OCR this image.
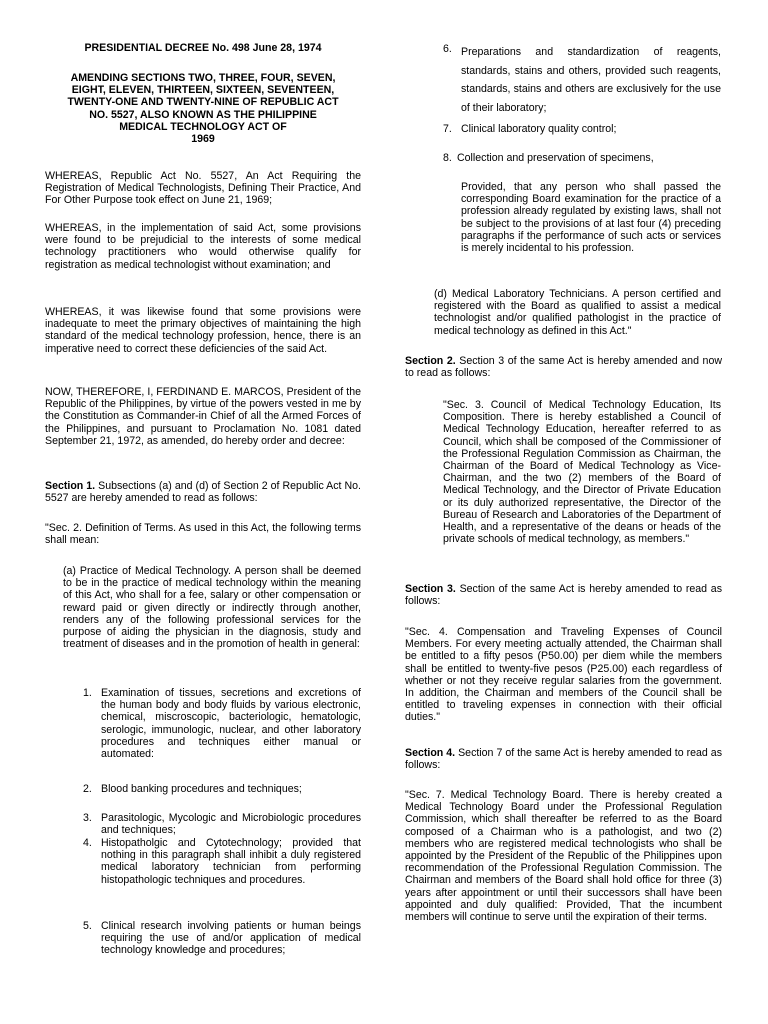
PRESIDENTIAL DECREE No. 498 June 28, 1974
AMENDING SECTIONS TWO, THREE, FOUR, SEVEN,
EIGHT, ELEVEN, THIRTEEN, SIXTEEN, SEVENTEEN,
TWENTY-ONE AND TWENTY-NINE OF REPUBLIC ACT
NO. 5527, ALSO KNOWN AS THE PHILIPPINE
MEDICAL TECHNOLOGY ACT OF
1969

WHEREAS, Republic Act No. 5527, An Act Requiring the Registration of Medical Technologists, Defining Their Practice, And For Other Purpose took effect on June 21, 1969;

WHEREAS, in the implementation of said Act, some provisions were found to be prejudicial to the interests of some medical technology practitioners who would otherwise qualify for registration as medical technologist without examination; and

WHEREAS, it was likewise found that some provisions were inadequate to meet the primary objectives of maintaining the high standard of the medical technology profession, hence, there is an imperative need to correct these deficiencies of the said Act.

NOW, THEREFORE, I, FERDINAND E. MARCOS, President of the Republic of the Philippines, by virtue of the powers vested in me by the Constitution as Commander-in Chief of all the Armed Forces of the Philippines, and pursuant to Proclamation No. 1081 dated September 21, 1972, as amended, do hereby order and decree:

Section 1. Subsections (a) and (d) of Section 2 of Republic Act No. 5527 are hereby amended to read as follows:

"Sec. 2. Definition of Terms. As used in this Act, the following terms shall mean:

(a) Practice of Medical Technology. A person shall be deemed to be in the practice of medical technology within the meaning of this Act, who shall for a fee, salary or other compensation or reward paid or given directly or indirectly through another, renders any of the following professional services for the purpose of aiding the physician in the diagnosis, study and treatment of diseases and in the promotion of health in general:

1. Examination of tissues, secretions and excretions of the human body and body fluids by various electronic, chemical, miscroscopic, bacteriologic, hematologic, serologic, immunologic, nuclear, and other laboratory procedures and techniques either manual or automated:
2. Blood banking procedures and techniques;
3. Parasitologic, Mycologic and Microbiologic procedures and techniques;
4. Histopatholgic and Cytotechnology; provided that nothing in this paragraph shall inhibit a duly registered medical laboratory technician from performing histopathologic techniques and procedures.
5. Clinical research involving patients or human beings requiring the use of and/or application of medical technology knowledge and procedures;
6. Preparations and standardization of reagents, standards, stains and others, provided such reagents, standards, stains and others are exclusively for the use of their laboratory;
7. Clinical laboratory quality control;
8. Collection and preservation of specimens,

Provided, that any person who shall passed the corresponding Board examination for the practice of a profession already regulated by existing laws, shall not be subject to the provisions of at last four (4) preceding paragraphs if the performance of such acts or services is merely incidental to his profession.

(d) Medical Laboratory Technicians. A person certified and registered with the Board as qualified to assist a medical technologist and/or qualified pathologist in the practice of medical technology as defined in this Act."

Section 2. Section 3 of the same Act is hereby amended and now to read as follows:

"Sec. 3. Council of Medical Technology Education, Its Composition. There is hereby established a Council of Medical Technology Education, hereafter referred to as Council, which shall be composed of the Commissioner of the Professional Regulation Commission as Chairman, the Chairman of the Board of Medical Technology as Vice-Chairman, and the two (2) members of the Board of Medical Technology, and the Director of Private Education or its duly authorized representative, the Director of the Bureau of Research and Laboratories of the Department of Health, and a representative of the deans or heads of the private schools of medical technology, as members."

Section 3. Section of the same Act is hereby amended to read as follows:

"Sec. 4. Compensation and Traveling Expenses of Council Members. For every meeting actually attended, the Chairman shall be entitled to a fifty pesos (P50.00) per diem while the members shall be entitled to twenty-five pesos (P25.00) each regardless of whether or not they receive regular salaries from the government. In addition, the Chairman and members of the Council shall be entitled to traveling expenses in connection with their official duties."

Section 4. Section 7 of the same Act is hereby amended to read as follows:

"Sec. 7. Medical Technology Board. There is hereby created a Medical Technology Board under the Professional Regulation Commission, which shall thereafter be referred to as the Board composed of a Chairman who is a pathologist, and two (2) members who are registered medical technologists who shall be appointed by the President of the Republic of the Philippines upon recommendation of the Professional Regulation Commission. The Chairman and members of the Board shall hold office for three (3) years after appointment or until their successors shall have been appointed and duly qualified: Provided, That the incumbent members will continue to serve until the expiration of their terms.
